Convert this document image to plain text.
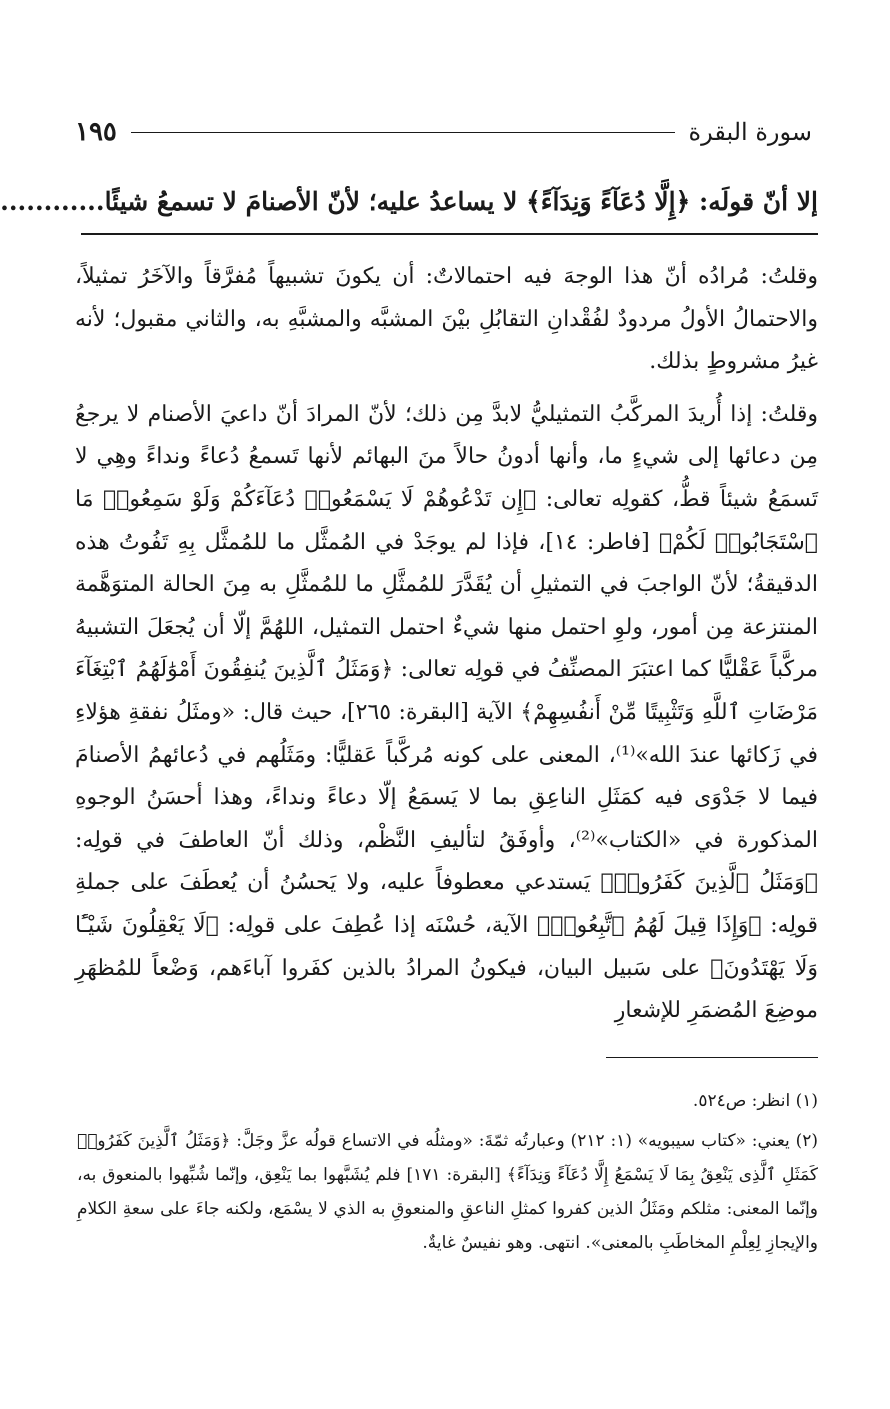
سورة البقرة
١٩٥
إلا أنّ قولَه: ﴿إِلَّا دُعَآءً وَنِدَآءً﴾ لا يساعدُ عليه؛ لأنّ الأصنامَ لا تسمعُ شيئًا............

وقلتُ: مُرادُه أنّ هذا الوجهَ فيه احتمالاتٌ: أن يكونَ تشبيهاً مُفرَّقاً والآخَرُ تمثيلاً، والاحتمالُ الأولُ مردودٌ لفُقْدانِ التقابُلِ بيْنَ المشبَّه والمشبَّهِ به، والثاني مقبول؛ لأنه غيرُ مشروطٍ بذلك.

وقلتُ: إذا أُريدَ المركَّبُ التمثيليُّ لابدَّ مِن ذلك؛ لأنّ المرادَ أنّ داعيَ الأصنام لا يرجعُ مِن دعائها إلى شيءٍ ما، وأنها أدونُ حالاً منَ البهائم لأنها تَسمعُ دُعاءً ونداءً وهِي لا تَسمَعُ شيئاً قطُّ، كقولِه تعالى: ﴿إِن تَدْعُوهُمْ لَا يَسْمَعُوا۟ دُعَآءَكُمْ وَلَوْ سَمِعُوا۟ مَا ٱسْتَجَابُوا۟ لَكُمْ﴾ [فاطر: ١٤]، فإذا لم يوجَدْ في المُمثَّل ما للمُمثَّل بِهِ تَفُوتُ هذه الدقيقةُ؛ لأنّ الواجبَ في التمثيلِ أن يُقَدَّرَ للمُمثَّلِ ما للمُمثَّلِ به مِنَ الحالة المتوَهَّمة المنتزعة مِن أمور، ولوِ احتمل منها شيءٌ احتمل التمثيل، اللهُمَّ إلّا أن يُجعَلَ التشبيهُ مركَّباً عَقْليًّا كما اعتبَرَ المصنِّفُ في قولِه تعالى: ﴿وَمَثَلُ ٱلَّذِينَ يُنفِقُونَ أَمْوَٰلَهُمُ ٱبْتِغَآءَ مَرْضَاتِ ٱللَّهِ وَتَثْبِيتًا مِّنْ أَنفُسِهِمْ﴾ الآية [البقرة: ٢٦٥]، حيث قال: «ومثَلُ نفقةِ هؤلاءِ في زَكائها عندَ الله»⁽¹⁾، المعنى على كونه مُركَّباً عَقليًّا: ومَثَلُهم في دُعائهمُ الأصنامَ فيما لا جَدْوَى فيه كمَثَلِ الناعِقِ بما لا يَسمَعُ إلّا دعاءً ونداءً، وهذا أحسَنُ الوجوهِ المذكورة في «الكتاب»⁽²⁾، وأوفَقُ لتأليفِ النَّظْم، وذلك أنّ العاطفَ في قولِه: ﴿وَمَثَلُ ٱلَّذِينَ كَفَرُوا۟﴾ يَستدعي معطوفاً عليه، ولا يَحسُنُ أن يُعطَفَ على جملةِ قولِه: ﴿وَإِذَا قِيلَ لَهُمُ ٱتَّبِعُوا۟﴾ الآية، حُسْنَه إذا عُطِفَ على قولِه: ﴿لَا يَعْقِلُونَ شَيْـًٔا وَلَا يَهْتَدُونَ﴾ على سَبيل البيان، فيكونُ المرادُ بالذين كفَروا آباءَهم، وَضْعاً للمُظهَرِ موضِعَ المُضمَرِ للإشعارِ

(١) انظر: ص٥٢٤.

(٢) يعني: «كتاب سيبويه» (١: ٢١٢) وعبارتُه ثمّةَ: «ومثلُه في الاتساع قولُه عزَّ وجَلَّ: ﴿وَمَثَلُ ٱلَّذِينَ كَفَرُوا۟ كَمَثَلِ ٱلَّذِى يَنْعِقُ بِمَا لَا يَسْمَعُ إِلَّا دُعَآءً وَنِدَآءً﴾ [البقرة: ١٧١] فلم يُشَبَّهوا بما يَنْعِق، وإنّما شُبِّهوا بالمنعوق به، وإنّما المعنى: مثلكم ومَثَلُ الذين كفروا كمثلِ الناعقِ والمنعوقِ به الذي لا يسْمَع، ولكنه جاءَ على سعةِ الكلامِ والإيجازِ لِعِلْمِ المخاطَبِ بالمعنى». انتهى. وهو نفيسٌ غايةٌ.
